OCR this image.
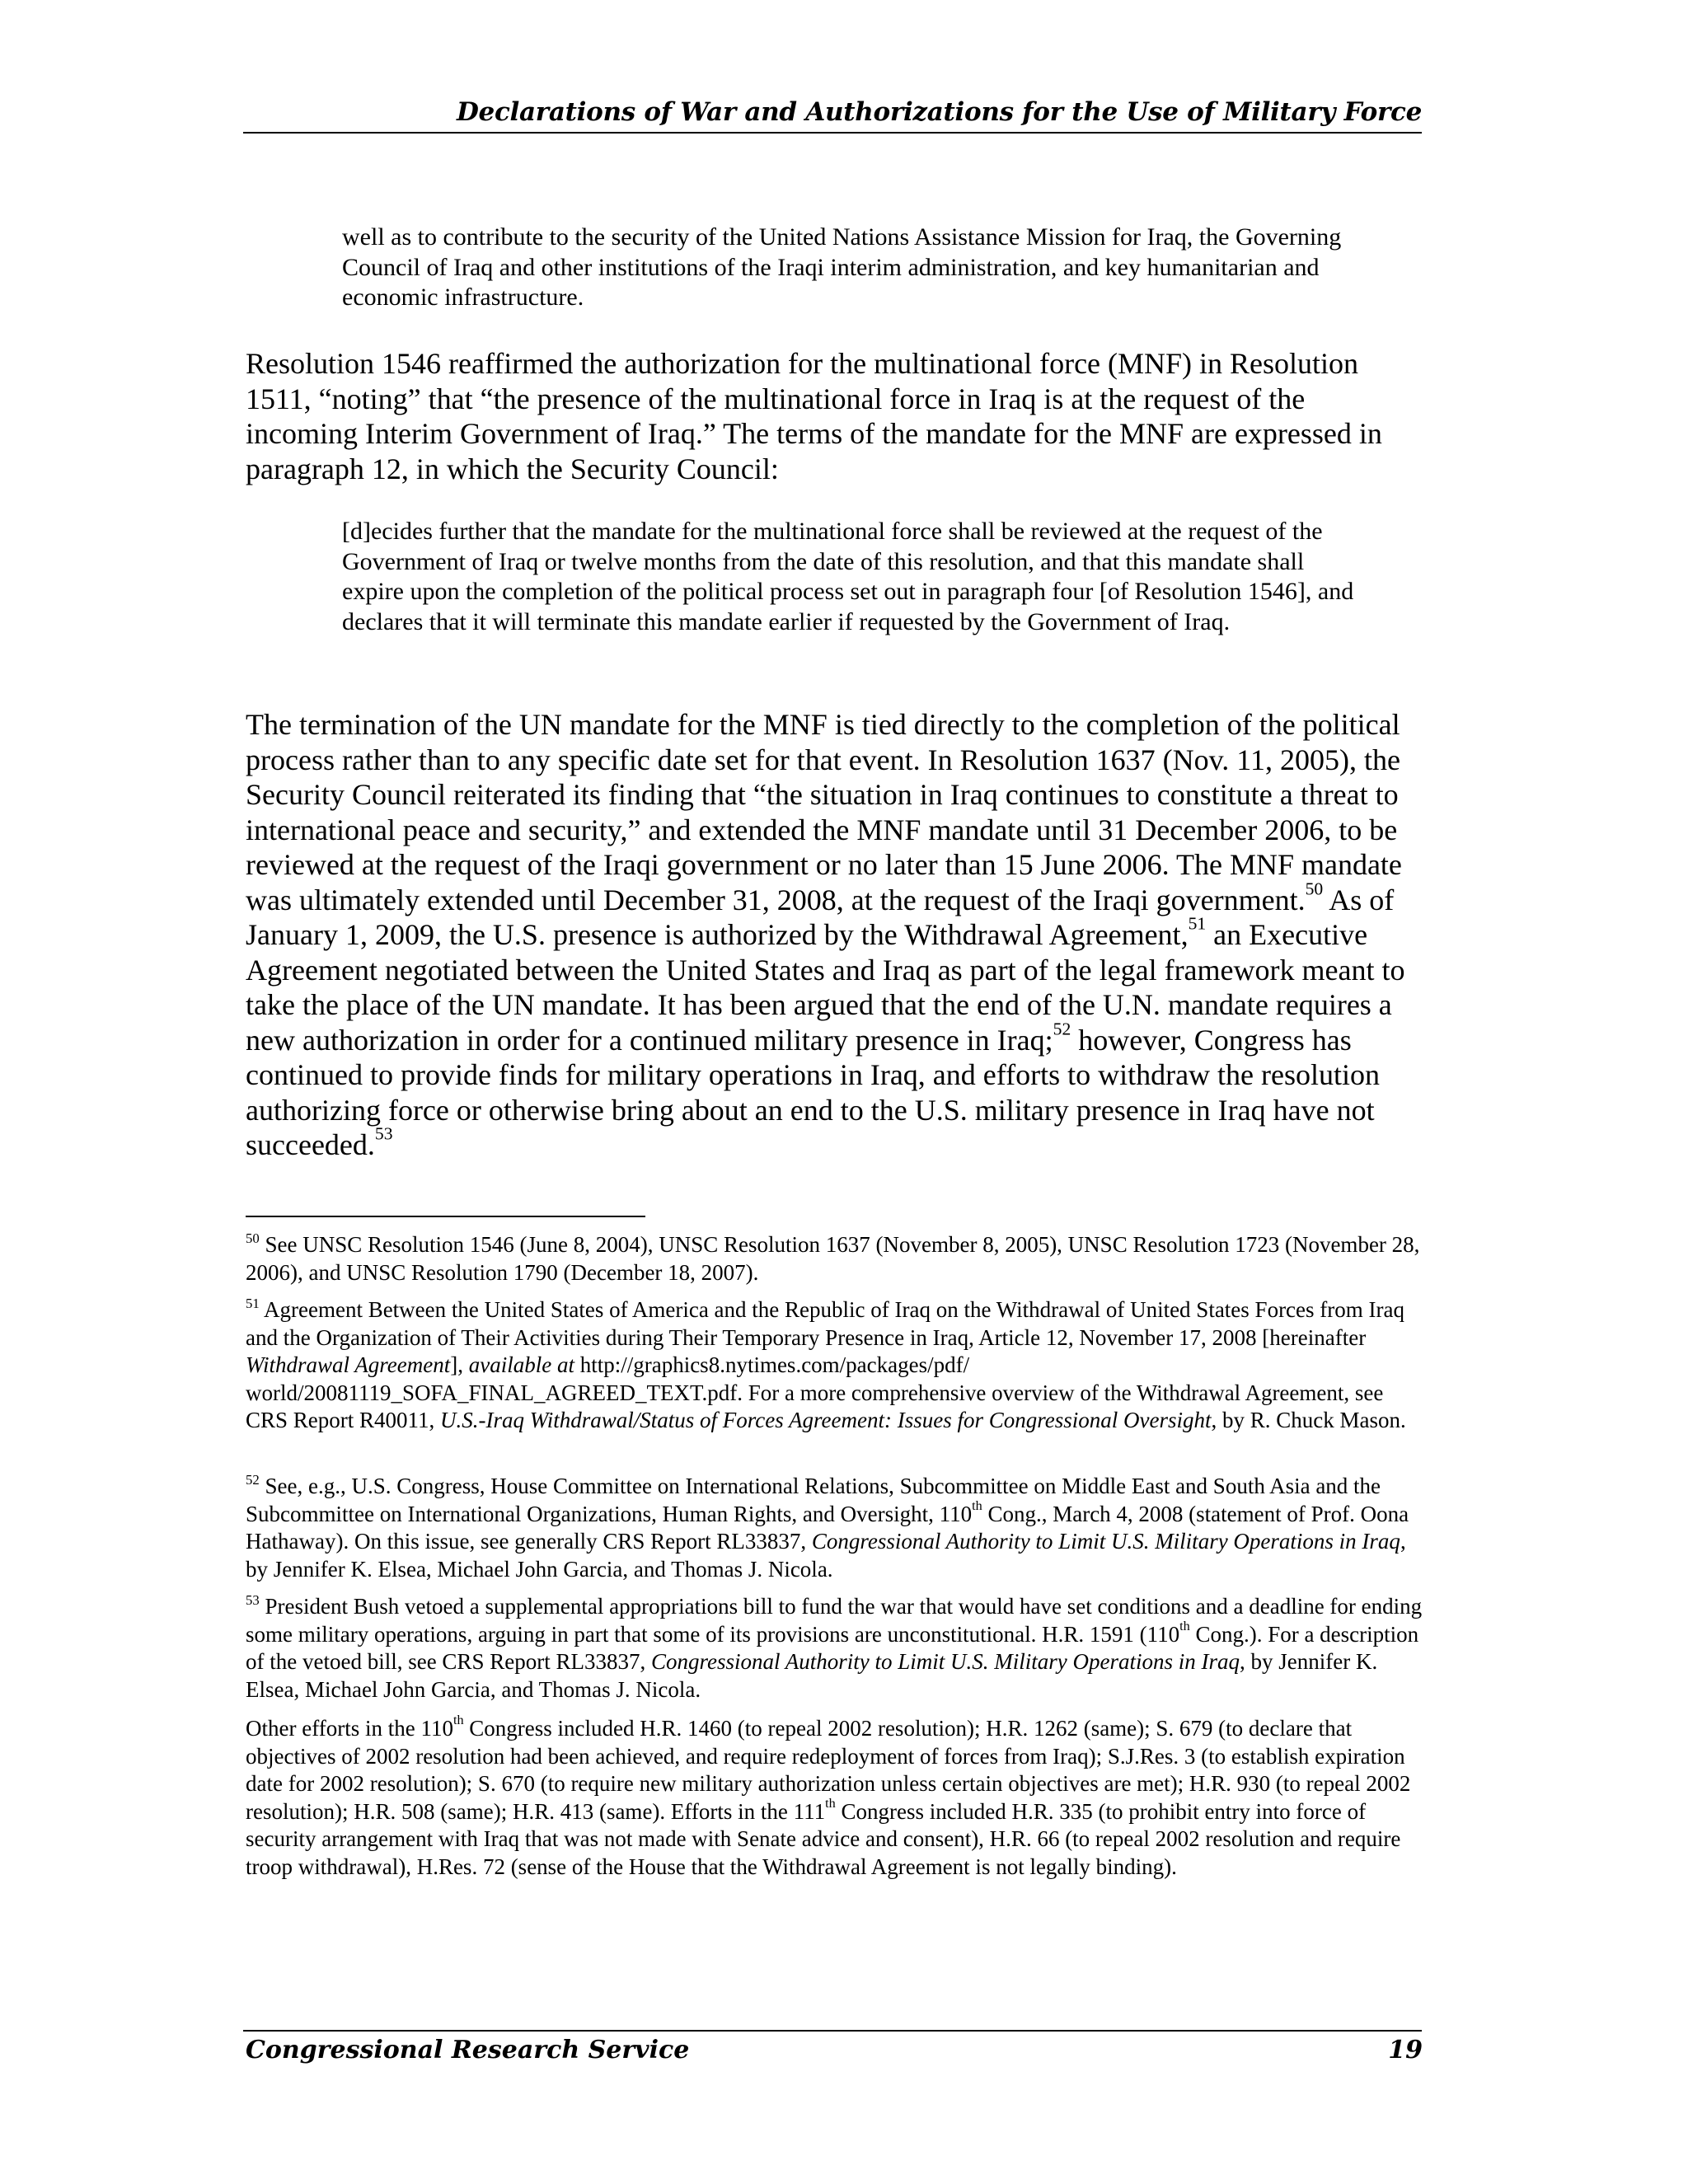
Declarations of War and Authorizations for the Use of Military Force
well as to contribute to the security of the United Nations Assistance Mission for Iraq, the Governing Council of Iraq and other institutions of the Iraqi interim administration, and key humanitarian and economic infrastructure.
Resolution 1546 reaffirmed the authorization for the multinational force (MNF) in Resolution 1511, “noting” that “the presence of the multinational force in Iraq is at the request of the incoming Interim Government of Iraq.” The terms of the mandate for the MNF are expressed in paragraph 12, in which the Security Council:
[d]ecides further that the mandate for the multinational force shall be reviewed at the request of the Government of Iraq or twelve months from the date of this resolution, and that this mandate shall expire upon the completion of the political process set out in paragraph four [of Resolution 1546], and declares that it will terminate this mandate earlier if requested by the Government of Iraq.
The termination of the UN mandate for the MNF is tied directly to the completion of the political process rather than to any specific date set for that event. In Resolution 1637 (Nov. 11, 2005), the Security Council reiterated its finding that “the situation in Iraq continues to constitute a threat to international peace and security,” and extended the MNF mandate until 31 December 2006, to be reviewed at the request of the Iraqi government or no later than 15 June 2006. The MNF mandate was ultimately extended until December 31, 2008, at the request of the Iraqi government.$^{50}$ As of January 1, 2009, the U.S. presence is authorized by the Withdrawal Agreement,$^{51}$ an Executive Agreement negotiated between the United States and Iraq as part of the legal framework meant to take the place of the UN mandate. It has been argued that the end of the U.N. mandate requires a new authorization in order for a continued military presence in Iraq;$^{52}$ however, Congress has continued to provide finds for military operations in Iraq, and efforts to withdraw the resolution authorizing force or otherwise bring about an end to the U.S. military presence in Iraq have not succeeded.$^{53}$
$^{50}$ See UNSC Resolution 1546 (June 8, 2004), UNSC Resolution 1637 (November 8, 2005), UNSC Resolution 1723 (November 28, 2006), and UNSC Resolution 1790 (December 18, 2007).
$^{51}$ Agreement Between the United States of America and the Republic of Iraq on the Withdrawal of United States Forces from Iraq and the Organization of Their Activities during Their Temporary Presence in Iraq, Article 12, November 17, 2008 [hereinafter Withdrawal Agreement], available at http://graphics8.nytimes.com/packages/pdf/ world/20081119_SOFA_FINAL_AGREED_TEXT.pdf. For a more comprehensive overview of the Withdrawal Agreement, see CRS Report R40011, U.S.-Iraq Withdrawal/Status of Forces Agreement: Issues for Congressional Oversight, by R. Chuck Mason.
$^{52}$ See, e.g., U.S. Congress, House Committee on International Relations, Subcommittee on Middle East and South Asia and the Subcommittee on International Organizations, Human Rights, and Oversight, 110th Cong., March 4, 2008 (statement of Prof. Oona Hathaway). On this issue, see generally CRS Report RL33837, Congressional Authority to Limit U.S. Military Operations in Iraq, by Jennifer K. Elsea, Michael John Garcia, and Thomas J. Nicola.
$^{53}$ President Bush vetoed a supplemental appropriations bill to fund the war that would have set conditions and a deadline for ending some military operations, arguing in part that some of its provisions are unconstitutional. H.R. 1591 (110th Cong.). For a description of the vetoed bill, see CRS Report RL33837, Congressional Authority to Limit U.S. Military Operations in Iraq, by Jennifer K. Elsea, Michael John Garcia, and Thomas J. Nicola.
Other efforts in the 110th Congress included H.R. 1460 (to repeal 2002 resolution); H.R. 1262 (same); S. 679 (to declare that objectives of 2002 resolution had been achieved, and require redeployment of forces from Iraq); S.J.Res. 3 (to establish expiration date for 2002 resolution); S. 670 (to require new military authorization unless certain objectives are met); H.R. 930 (to repeal 2002 resolution); H.R. 508 (same); H.R. 413 (same). Efforts in the 111th Congress included H.R. 335 (to prohibit entry into force of security arrangement with Iraq that was not made with Senate advice and consent), H.R. 66 (to repeal 2002 resolution and require troop withdrawal), H.Res. 72 (sense of the House that the Withdrawal Agreement is not legally binding).
Congressional Research Service	19
